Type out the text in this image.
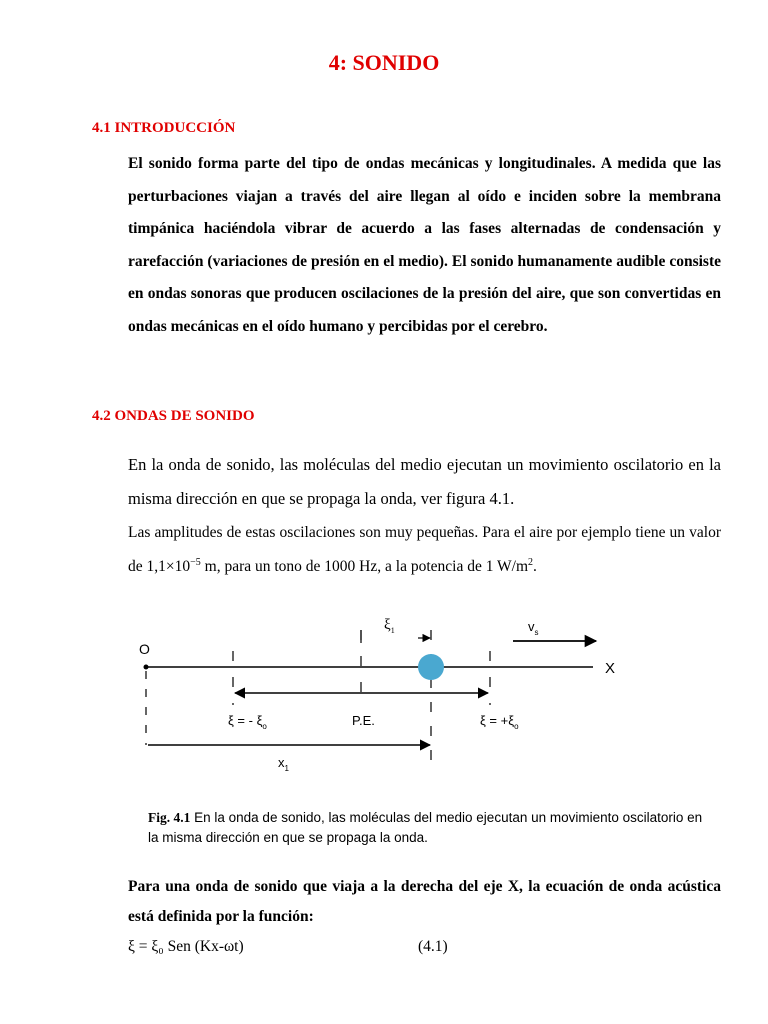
4: SONIDO
4.1 INTRODUCCIÓN
El sonido forma parte del tipo de ondas mecánicas y longitudinales. A medida que las perturbaciones viajan a través del aire llegan al oído e inciden sobre la membrana timpánica haciéndola vibrar de acuerdo a las fases alternadas de condensación y rarefacción (variaciones de presión en el medio). El sonido humanamente audible consiste en ondas sonoras que producen oscilaciones de la presión del aire, que son convertidas en ondas mecánicas en el oído humano y percibidas por el cerebro.
4.2 ONDAS DE SONIDO

En la onda de sonido, las moléculas del medio ejecutan un movimiento oscilatorio en la misma dirección en que se propaga la onda, ver figura 4.1.

Las amplitudes de estas oscilaciones son muy pequeñas. Para el aire por ejemplo tiene un valor de $1,1\times 10^{-5}$ m, para un tono de 1000 Hz, a la potencia de 1 $W/m^2$.

O
X
$\xi_1$	$v_s$
ξ = - $\xi_o$	P.E.	$\xi = +\xi_o$
$x_1$
Fig. 4.1 En la onda de sonido, las moléculas del medio ejecutan un movimiento oscilatorio en la misma dirección en que se propaga la onda.
Para una onda de sonido que viaja a la derecha del eje X, la ecuación de onda acústica está definida por la función:
ξ = ξ₀ Sen (Kx-ωt)	(4.1)
